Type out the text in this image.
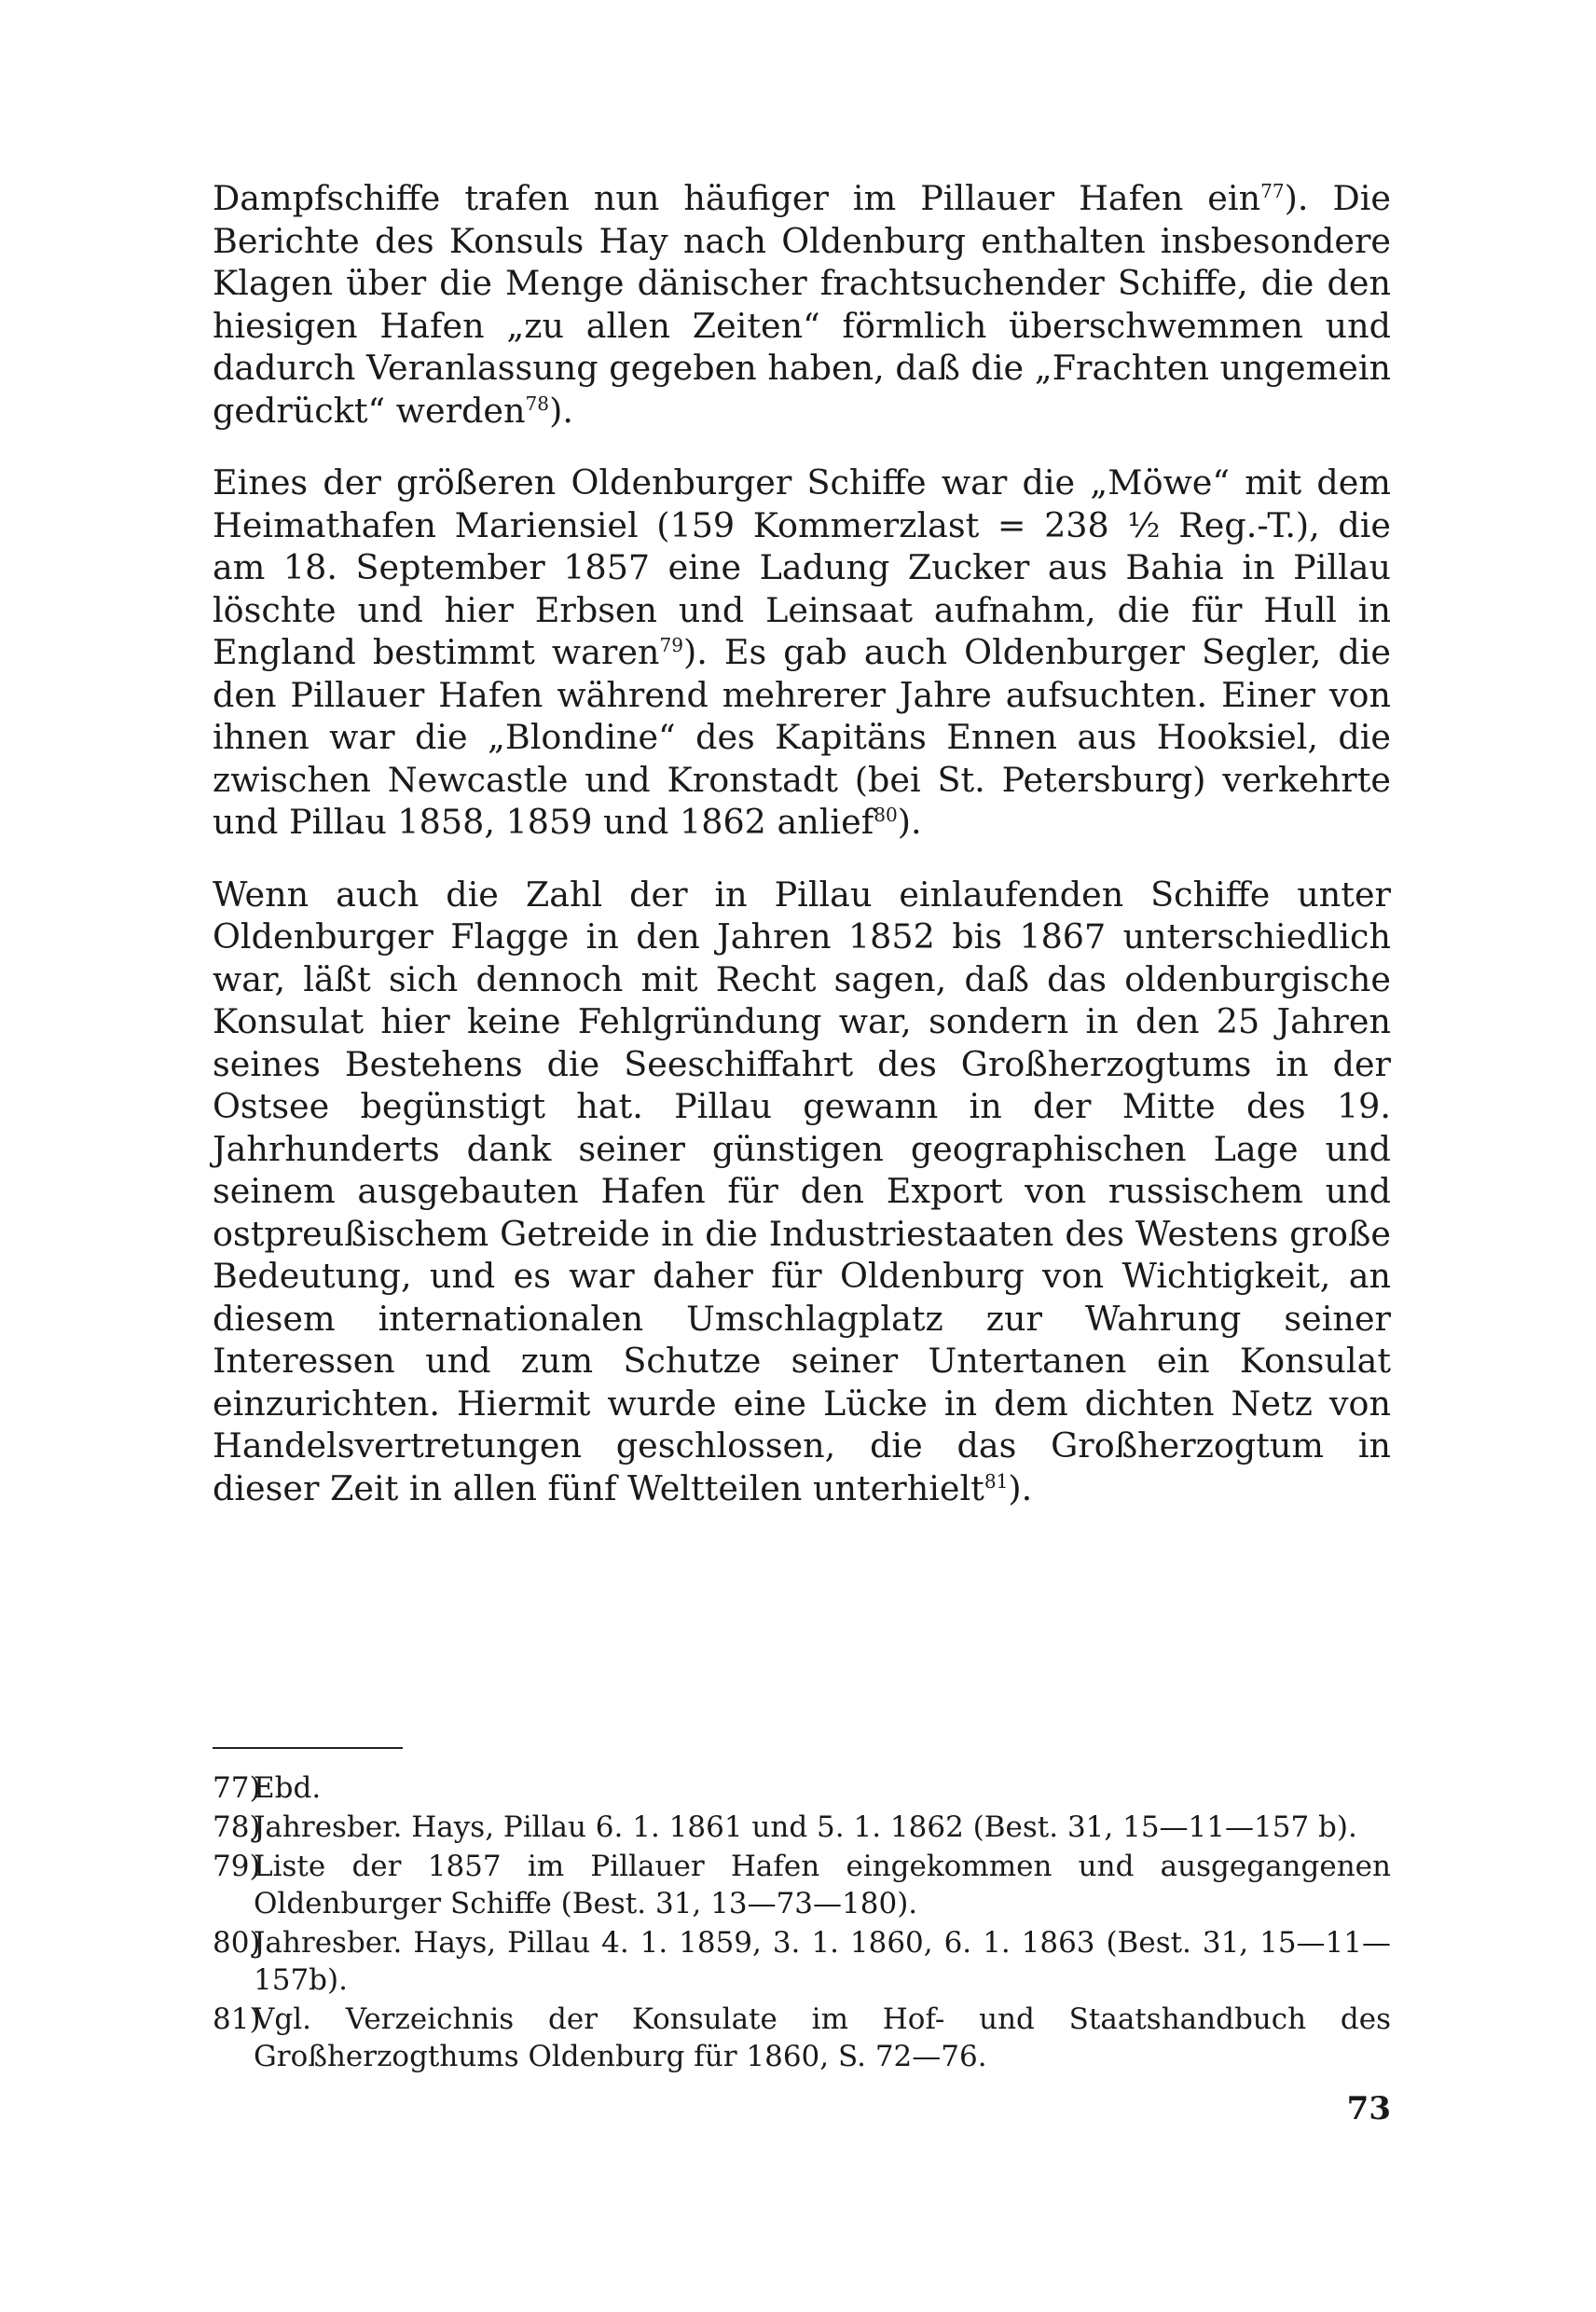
Dampfschiffe trafen nun häufiger im Pillauer Hafen ein$^{77}$). Die Berichte des Konsuls Hay nach Oldenburg enthalten insbesondere Klagen über die Menge dänischer frachtsuchender Schiffe, die den hiesigen Hafen „zu allen Zeiten“ förmlich überschwemmen und dadurch Veranlassung gegeben haben, daß die „Frachten ungemein gedrückt“ werden$^{78}$).

Eines der größeren Oldenburger Schiffe war die „Möwe“ mit dem Heimathafen Mariensiel (159 Kommerzlast = 238 ½ Reg.-T.), die am 18. September 1857 eine Ladung Zucker aus Bahia in Pillau löschte und hier Erbsen und Leinsaat aufnahm, die für Hull in England bestimmt waren$^{79}$). Es gab auch Oldenburger Segler, die den Pillauer Hafen während mehrerer Jahre aufsuchten. Einer von ihnen war die „Blondine“ des Kapitäns Ennen aus Hooksiel, die zwischen Newcastle und Kronstadt (bei St. Petersburg) verkehrte und Pillau 1858, 1859 und 1862 anlief$^{80}$).

Wenn auch die Zahl der in Pillau einlaufenden Schiffe unter Oldenburger Flagge in den Jahren 1852 bis 1867 unterschiedlich war, läßt sich dennoch mit Recht sagen, daß das oldenburgische Konsulat hier keine Fehlgründung war, sondern in den 25 Jahren seines Bestehens die Seeschiffahrt des Großherzogtums in der Ostsee begünstigt hat. Pillau gewann in der Mitte des 19. Jahrhunderts dank seiner günstigen geographischen Lage und seinem ausgebauten Hafen für den Export von russischem und ostpreußischem Getreide in die Industriestaaten des Westens große Bedeutung, und es war daher für Oldenburg von Wichtigkeit, an diesem internationalen Umschlagplatz zur Wahrung seiner Interessen und zum Schutze seiner Untertanen ein Konsulat einzurichten. Hiermit wurde eine Lücke in dem dichten Netz von Handelsvertretungen geschlossen, die das Großherzogtum in dieser Zeit in allen fünf Weltteilen unterhielt$^{81}$).

77)
Ebd.
78)
Jahresber. Hays, Pillau 6. 1. 1861 und 5. 1. 1862 (Best. 31, 15—11—157 b).
79)
Liste der 1857 im Pillauer Hafen eingekommen und ausgegangenen Oldenburger Schiffe (Best. 31, 13—73—180).
80)
Jahresber. Hays, Pillau 4. 1. 1859, 3. 1. 1860, 6. 1. 1863 (Best. 31, 15—11—157b).
81)
Vgl. Verzeichnis der Konsulate im Hof- und Staatshandbuch des Großherzogthums Oldenburg für 1860, S. 72—76.
73
